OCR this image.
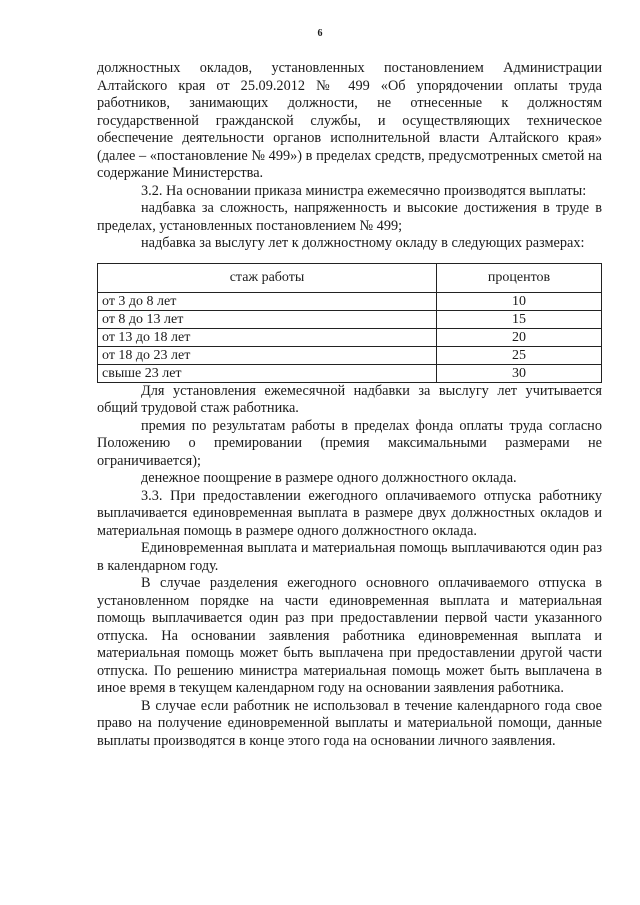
6

должностных окладов, установленных постановлением Администрации Алтайского края от 25.09.2012 № 499 «Об упорядочении оплаты труда работников, занимающих должности, не отнесенные к должностям государственной гражданской службы, и осуществляющих техническое обеспечение деятельности органов исполнительной власти Алтайского края» (далее – «постановление № 499») в пределах средств, предусмотренных сметой на содержание Министерства.

3.2. На основании приказа министра ежемесячно производятся выплаты:

надбавка за сложность, напряженность и высокие достижения в труде в пределах, установленных постановлением № 499;

надбавка за выслугу лет к должностному окладу в следующих размерах:

стаж работы	процентов
от 3 до 8 лет	10
от 8 до 13 лет	15
от 13 до 18 лет	20
от 18 до 23 лет	25
свыше 23 лет	30

Для установления ежемесячной надбавки за выслугу лет учитывается общий трудовой стаж работника.

премия по результатам работы в пределах фонда оплаты труда согласно Положению о премировании (премия максимальными размерами не ограничивается);

денежное поощрение в размере одного должностного оклада.

3.3. При предоставлении ежегодного оплачиваемого отпуска работнику выплачивается единовременная выплата в размере двух должностных окладов и материальная помощь в размере одного должностного оклада.

Единовременная выплата и материальная помощь выплачиваются один раз в календарном году.

В случае разделения ежегодного основного оплачиваемого отпуска в установленном порядке на части единовременная выплата и материальная помощь выплачивается один раз при предоставлении первой части указанного отпуска. На основании заявления работника единовременная выплата и материальная помощь может быть выплачена при предоставлении другой части отпуска. По решению министра материальная помощь может быть выплачена в иное время в текущем календарном году на основании заявления работника.

В случае если работник не использовал в течение календарного года свое право на получение единовременной выплаты и материальной помощи, данные выплаты производятся в конце этого года на основании личного заявления.
